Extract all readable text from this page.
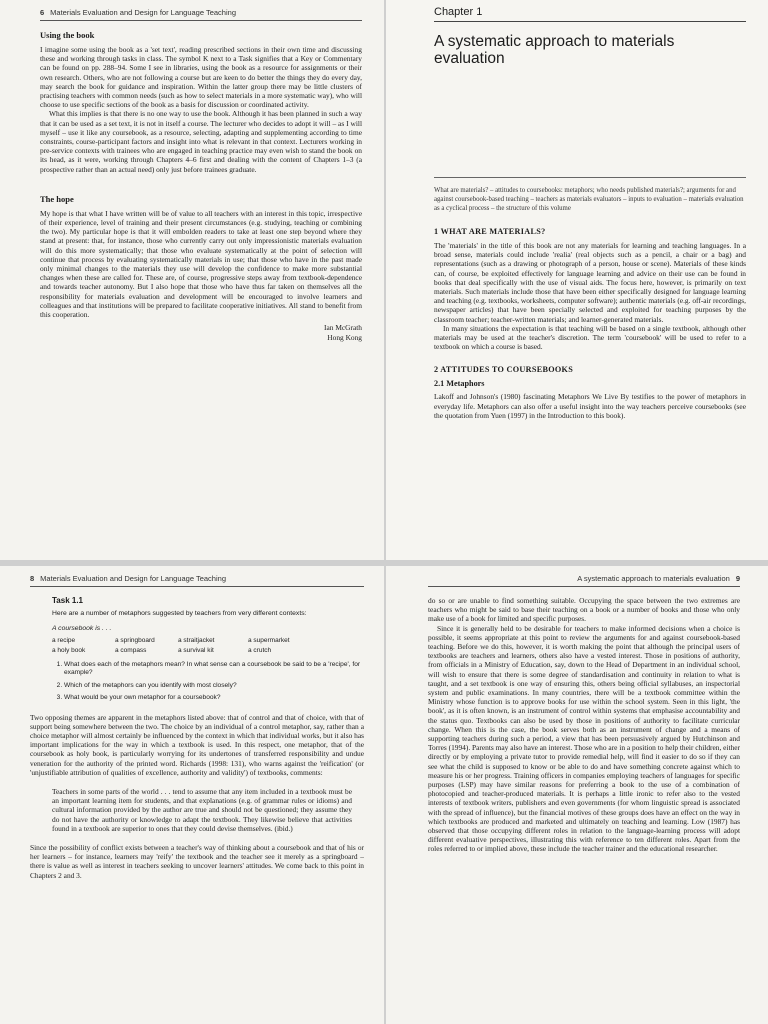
6 Materials Evaluation and Design for Language Teaching
Using the book

I imagine some using the book as a 'set text', reading prescribed sections in their own time and discussing these and working through tasks in class. The symbol K next to a Task signifies that a Key or Commentary can be found on pp. 288–94. Some I see in libraries, using the book as a resource for assignments or their own research. Others, who are not following a course but are keen to do better the things they do every day, may search the book for guidance and inspiration. Within the latter group there may be little clusters of practising teachers with common needs (such as how to select materials in a more systematic way), who will choose to use specific sections of the book as a basis for discussion or coordinated activity.

What this implies is that there is no one way to use the book. Although it has been planned in such a way that it can be used as a set text, it is not in itself a course. The lecturer who decides to adopt it will – as I will myself – use it like any coursebook, as a resource, selecting, adapting and supplementing according to time constraints, course-participant factors and insight into what is relevant in that context. Lecturers working in pre-service contexts with trainees who are engaged in teaching practice may even wish to stand the book on its head, as it were, working through Chapters 4–6 first and dealing with the content of Chapters 1–3 (a prospective rather than an actual need) only just before trainees graduate.

The hope

My hope is that what I have written will be of value to all teachers with an interest in this topic, irrespective of their experience, level of training and their present circumstances (e.g. studying, teaching or combining the two). My particular hope is that it will embolden readers to take at least one step beyond where they stand at present: that, for instance, those who currently carry out only impressionistic materials evaluation will do this more systematically; that those who evaluate systematically at the point of selection will continue that process by evaluating systematically materials in use; that those who have in the past made only minimal changes to the materials they use will develop the confidence to make more substantial changes when these are called for. These are, of course, progressive steps away from textbook-dependence and towards teacher autonomy. But I also hope that those who have thus far taken on themselves all the responsibility for materials evaluation and development will be encouraged to involve learners and colleagues and that institutions will be prepared to facilitate cooperative initiatives. All stand to benefit from this cooperation.

Ian McGrath
Hong Kong
Chapter 1
A systematic approach to materials evaluation

What are materials? – attitudes to coursebooks: metaphors; who needs published materials?; arguments for and against coursebook-based teaching – teachers as materials evaluators – inputs to evaluation – materials evaluation as a cyclical process – the structure of this volume

1 WHAT ARE MATERIALS?

The 'materials' in the title of this book are not any materials for learning and teaching languages. In a broad sense, materials could include 'realia' (real objects such as a pencil, a chair or a bag) and representations (such as a drawing or photograph of a person, house or scene). Materials of these kinds can, of course, be exploited effectively for language learning and advice on their use can be found in books that deal specifically with the use of visual aids. The focus here, however, is primarily on text materials. Such materials include those that have been either specifically designed for language learning and teaching (e.g. textbooks, worksheets, computer software); authentic materials (e.g. off-air recordings, newspaper articles) that have been specially selected and exploited for teaching purposes by the classroom teacher; teacher-written materials; and learner-generated materials.

In many situations the expectation is that teaching will be based on a single textbook, although other materials may be used at the teacher's discretion. The term 'coursebook' will be used to refer to a textbook on which a course is based.

2 ATTITUDES TO COURSEBOOKS
2.1 Metaphors

Lakoff and Johnson's (1980) fascinating Metaphors We Live By testifies to the power of metaphors in everyday life. Metaphors can also offer a useful insight into the way teachers perceive coursebooks (see the quotation from Yuen (1997) in the Introduction to this book).

8 Materials Evaluation and Design for Language Teaching
Task 1.1
Here are a number of metaphors suggested by teachers from very different contexts:
A coursebook is . . .
a recipe	a springboard	a straitjacket	a supermarket
a holy book	a compass	a survival kit	a crutch
1. What does each of the metaphors mean? In what sense can a coursebook be said to be a 'recipe', for example?
2. Which of the metaphors can you identify with most closely?
3. What would be your own metaphor for a coursebook?

Two opposing themes are apparent in the metaphors listed above: that of control and that of choice, with that of support being somewhere between the two. The choice by an individual of a control metaphor, say, rather than a choice metaphor will almost certainly be influenced by the context in which that individual works, but it also has important implications for the way in which a textbook is used. In this respect, one metaphor, that of the coursebook as holy book, is particularly worrying for its undertones of transferred responsibility and undue veneration for the authority of the printed word. Richards (1998: 131), who warns against the 'reification' (or 'unjustifiable attribution of qualities of excellence, authority and validity') of textbooks, comments:

Teachers in some parts of the world . . . tend to assume that any item included in a textbook must be an important learning item for students, and that explanations (e.g. of grammar rules or idioms) and cultural information provided by the author are true and should not be questioned; they assume they do not have the authority or knowledge to adapt the textbook. They likewise believe that activities found in a textbook are superior to ones that they could devise themselves. (ibid.)

Since the possibility of conflict exists between a teacher's way of thinking about a coursebook and that of his or her learners – for instance, learners may 'reify' the textbook and the teacher see it merely as a springboard – there is value as well as interest in teachers seeking to uncover learners' attitudes. We come back to this point in Chapters 2 and 3.

A systematic approach to materials evaluation 9

do so or are unable to find something suitable. Occupying the space between the two extremes are teachers who might be said to base their teaching on a book or a number of books and those who only make use of a book for limited and specific purposes.

Since it is generally held to be desirable for teachers to make informed decisions when a choice is possible, it seems appropriate at this point to review the arguments for and against coursebook-based teaching. Before we do this, however, it is worth making the point that although the principal users of textbooks are teachers and learners, others also have a vested interest. Those in positions of authority, from officials in a Ministry of Education, say, down to the Head of Department in an individual school, will wish to ensure that there is some degree of standardisation and continuity in relation to what is taught, and a set textbook is one way of ensuring this, others being official syllabuses, an inspectorial system and public examinations. In many countries, there will be a textbook committee within the Ministry whose function is to approve books for use within the school system. Seen in this light, 'the book', as it is often known, is an instrument of control within systems that emphasise accountability and the status quo. Textbooks can also be used by those in positions of authority to facilitate curricular change. When this is the case, the book serves both as an instrument of change and a means of supporting teachers during such a period, a view that has been persuasively argued by Hutchinson and Torres (1994). Parents may also have an interest. Those who are in a position to help their children, either directly or by employing a private tutor to provide remedial help, will find it easier to do so if they can see what the child is supposed to know or be able to do and have something concrete against which to measure his or her progress. Training officers in companies employing teachers of languages for specific purposes (LSP) may have similar reasons for preferring a book to the use of a combination of photocopied and teacher-produced materials. It is perhaps a little ironic to refer also to the vested interests of textbook writers, publishers and even governments (for whom linguistic spread is associated with the spread of influence), but the financial motives of these groups does have an effect on the way in which textbooks are produced and marketed and ultimately on teaching and learning. Low (1987) has observed that those occupying different roles in relation to the language-learning process will adopt different evaluative perspectives, illustrating this with reference to ten different roles. Apart from the roles referred to or implied above, these include the teacher trainer and the educational researcher.
